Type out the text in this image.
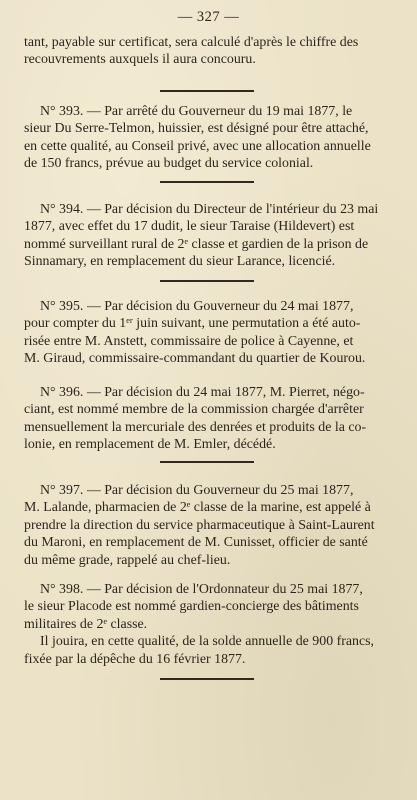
— 327 —

tant, payable sur certificat, sera calculé d'après le chiffre des

recouvrements auxquels il aura concouru.

N° 393. — Par arrêté du Gouverneur du 19 mai 1877, le

sieur Du Serre-Telmon, huissier, est désigné pour être attaché,

en cette qualité, au Conseil privé, avec une allocation annuelle

de 150 francs, prévue au budget du service colonial.

N° 394. — Par décision du Directeur de l'intérieur du 23 mai

1877, avec effet du 17 dudit, le sieur Taraise (Hildevert) est

nommé surveillant rural de 2ᵉ classe et gardien de la prison de

Sinnamary, en remplacement du sieur Larance, licencié.

N° 395. — Par décision du Gouverneur du 24 mai 1877,

pour compter du 1ᵉʳ juin suivant, une permutation a été auto-

risée entre M. Anstett, commissaire de police à Cayenne, et

M. Giraud, commissaire-commandant du quartier de Kourou.

N° 396. — Par décision du 24 mai 1877, M. Pierret, négo-

ciant, est nommé membre de la commission chargée d'arrêter

mensuellement la mercuriale des denrées et produits de la co-

lonie, en remplacement de M. Emler, décédé.

N° 397. — Par décision du Gouverneur du 25 mai 1877,

M. Lalande, pharmacien de 2ᵉ classe de la marine, est appelé à

prendre la direction du service pharmaceutique à Saint-Laurent

du Maroni, en remplacement de M. Cunisset, officier de santé

du même grade, rappelé au chef-lieu.

N° 398. — Par décision de l'Ordonnateur du 25 mai 1877,

le sieur Placode est nommé gardien-concierge des bâtiments

militaires de 2ᵉ classe.

Il jouira, en cette qualité, de la solde annuelle de 900 francs,

fixée par la dépêche du 16 février 1877.
